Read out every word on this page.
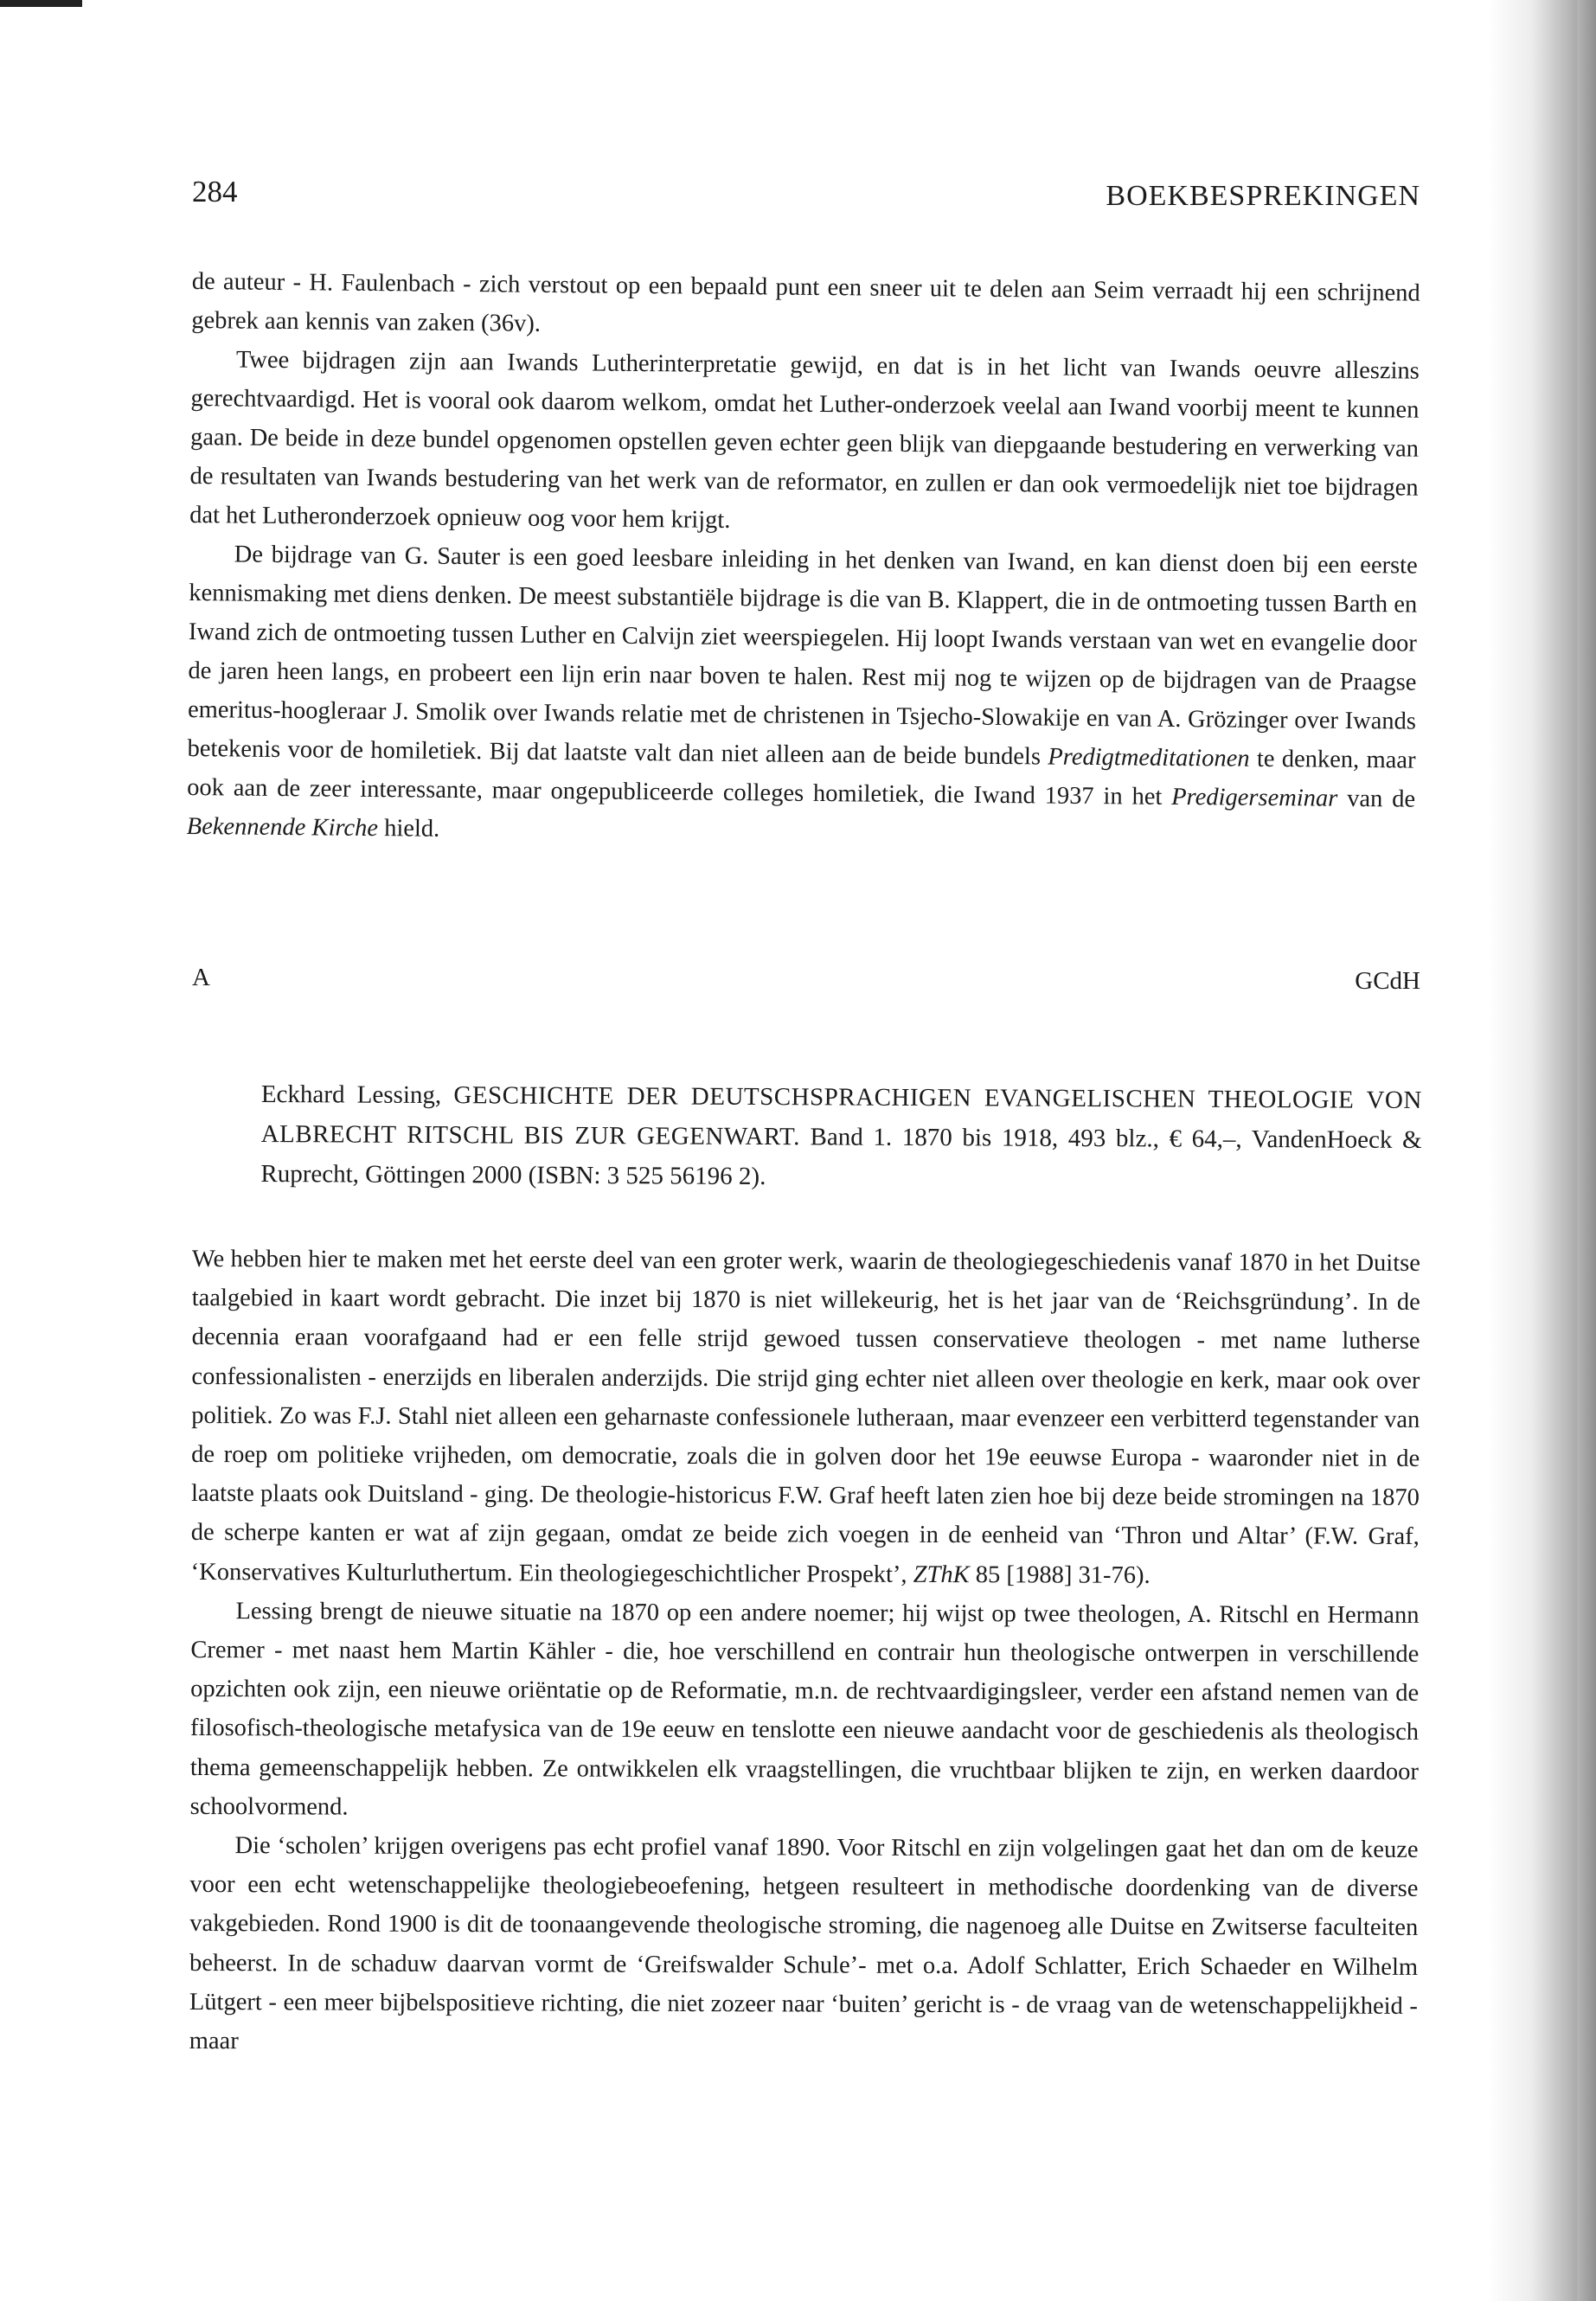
284	BOEKBESPREKINGEN

de auteur - H. Faulenbach - zich verstout op een bepaald punt een sneer uit te delen aan Seim verraadt hij een schrijnend gebrek aan kennis van zaken (36v).

Twee bijdragen zijn aan Iwands Lutherinterpretatie gewijd, en dat is in het licht van Iwands oeuvre alleszins gerechtvaardigd. Het is vooral ook daarom welkom, omdat het Luther-onderzoek veelal aan Iwand voorbij meent te kunnen gaan. De beide in deze bundel opgenomen opstellen geven echter geen blijk van diepgaande bestudering en verwerking van de resultaten van Iwands bestudering van het werk van de reformator, en zullen er dan ook vermoedelijk niet toe bijdragen dat het Lutheronderzoek opnieuw oog voor hem krijgt.

De bijdrage van G. Sauter is een goed leesbare inleiding in het denken van Iwand, en kan dienst doen bij een eerste kennismaking met diens denken. De meest substantiële bijdrage is die van B. Klappert, die in de ontmoeting tussen Barth en Iwand zich de ontmoeting tussen Luther en Calvijn ziet weerspiegelen. Hij loopt Iwands verstaan van wet en evangelie door de jaren heen langs, en probeert een lijn erin naar boven te halen. Rest mij nog te wijzen op de bijdragen van de Praagse emeritus-hoogleraar J. Smolik over Iwands relatie met de christenen in Tsjecho-Slowakije en van A. Grözinger over Iwands betekenis voor de homiletiek. Bij dat laatste valt dan niet alleen aan de beide bundels Predigtmeditationen te denken, maar ook aan de zeer interessante, maar ongepubliceerde colleges homiletiek, die Iwand 1937 in het Predigerseminar van de Bekennende Kirche hield.

A	GCdH
Eckhard Lessing, GESCHICHTE DER DEUTSCHSPRACHIGEN EVANGELISCHEN THEOLOGIE VON ALBRECHT RITSCHL BIS ZUR GEGENWART. Band 1. 1870 bis 1918, 493 blz., € 64,–, VandenHoeck & Ruprecht, Göttingen 2000 (ISBN: 3 525 56196 2).

We hebben hier te maken met het eerste deel van een groter werk, waarin de theologiegeschiedenis vanaf 1870 in het Duitse taalgebied in kaart wordt gebracht. Die inzet bij 1870 is niet willekeurig, het is het jaar van de ‘Reichsgründung’. In de decennia eraan voorafgaand had er een felle strijd gewoed tussen conservatieve theologen - met name lutherse confessionalisten - enerzijds en liberalen anderzijds. Die strijd ging echter niet alleen over theologie en kerk, maar ook over politiek. Zo was F.J. Stahl niet alleen een geharnaste confessionele lutheraan, maar evenzeer een verbitterd tegenstander van de roep om politieke vrijheden, om democratie, zoals die in golven door het 19e eeuwse Europa - waaronder niet in de laatste plaats ook Duitsland - ging. De theologie-historicus F.W. Graf heeft laten zien hoe bij deze beide stromingen na 1870 de scherpe kanten er wat af zijn gegaan, omdat ze beide zich voegen in de eenheid van ‘Thron und Altar’ (F.W. Graf, ‘Konservatives Kulturluthertum. Ein theologiegeschichtlicher Prospekt’, ZThK 85 [1988] 31-76).

Lessing brengt de nieuwe situatie na 1870 op een andere noemer; hij wijst op twee theologen, A. Ritschl en Hermann Cremer - met naast hem Martin Kähler - die, hoe verschillend en contrair hun theologische ontwerpen in verschillende opzichten ook zijn, een nieuwe oriëntatie op de Reformatie, m.n. de rechtvaardigingsleer, verder een afstand nemen van de filosofisch-theologische metafysica van de 19e eeuw en tenslotte een nieuwe aandacht voor de geschiedenis als theologisch thema gemeenschappelijk hebben. Ze ontwikkelen elk vraagstellingen, die vruchtbaar blijken te zijn, en werken daardoor schoolvormend.

Die ‘scholen’ krijgen overigens pas echt profiel vanaf 1890. Voor Ritschl en zijn volgelingen gaat het dan om de keuze voor een echt wetenschappelijke theologiebeoefening, hetgeen resulteert in methodische doordenking van de diverse vakgebieden. Rond 1900 is dit de toonaangevende theologische stroming, die nagenoeg alle Duitse en Zwitserse faculteiten beheerst. In de schaduw daarvan vormt de ‘Greifswalder Schule’- met o.a. Adolf Schlatter, Erich Schaeder en Wilhelm Lütgert - een meer bijbelspositieve richting, die niet zozeer naar ‘buiten’ gericht is - de vraag van de wetenschappelijkheid - maar
